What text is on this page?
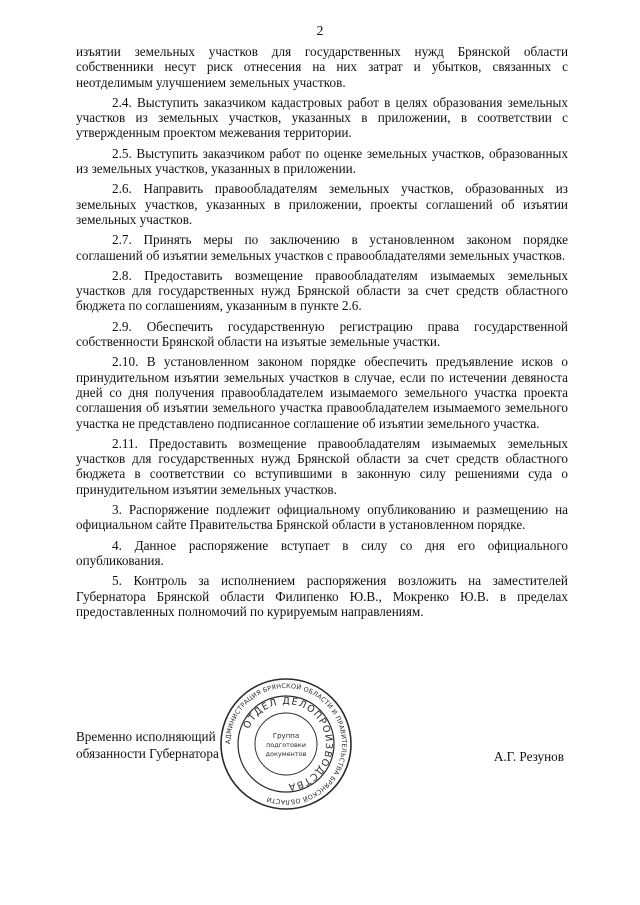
2

изъятии земельных участков для государственных нужд Брянской области собственники несут риск отнесения на них затрат и убытков, связанных с неотделимым улучшением земельных участков.

2.4. Выступить заказчиком кадастровых работ в целях образования земельных участков из земельных участков, указанных в приложении, в соответствии с утвержденным проектом межевания территории.

2.5. Выступить заказчиком работ по оценке земельных участков, образованных из земельных участков, указанных в приложении.

2.6. Направить правообладателям земельных участков, образованных из земельных участков, указанных в приложении, проекты соглашений об изъятии земельных участков.

2.7. Принять меры по заключению в установленном законом порядке соглашений об изъятии земельных участков с правообладателями земельных участков.

2.8. Предоставить возмещение правообладателям изымаемых земельных участков для государственных нужд Брянской области за счет средств областного бюджета по соглашениям, указанным в пункте 2.6.

2.9. Обеспечить государственную регистрацию права государственной собственности Брянской области на изъятые земельные участки.

2.10. В установленном законом порядке обеспечить предъявление исков о принудительном изъятии земельных участков в случае, если по истечении девяноста дней со дня получения правообладателем изымаемого земельного участка проекта соглашения об изъятии земельного участка правообладателем изымаемого земельного участка не представлено подписанное соглашение об изъятии земельного участка.

2.11. Предоставить возмещение правообладателям изымаемых земельных участков для государственных нужд Брянской области за счет средств областного бюджета в соответствии со вступившими в законную силу решениями суда о принудительном изъятии земельных участков.

3. Распоряжение подлежит официальному опубликованию и размещению на официальном сайте Правительства Брянской области в установленном порядке.

4. Данное распоряжение вступает в силу со дня его официального опубликования.

5. Контроль за исполнением распоряжения возложить на заместителей Губернатора Брянской области Филипенко Ю.В., Мокренко Ю.В. в пределах предоставленных полномочий по курируемым направлениям.

Временно исполняющий
обязанности Губернатора	А.Г. Резунов
АДМИНИСТРАЦИЯ БРЯНСКОЙ ОБЛАСТИ И ПРАВИТЕЛЬСТВА БРЯНСКОЙ ОБЛАСТИ
ОТДЕЛ ДЕЛОПРОИЗВОДСТВА
Группа
подготовки
документов
